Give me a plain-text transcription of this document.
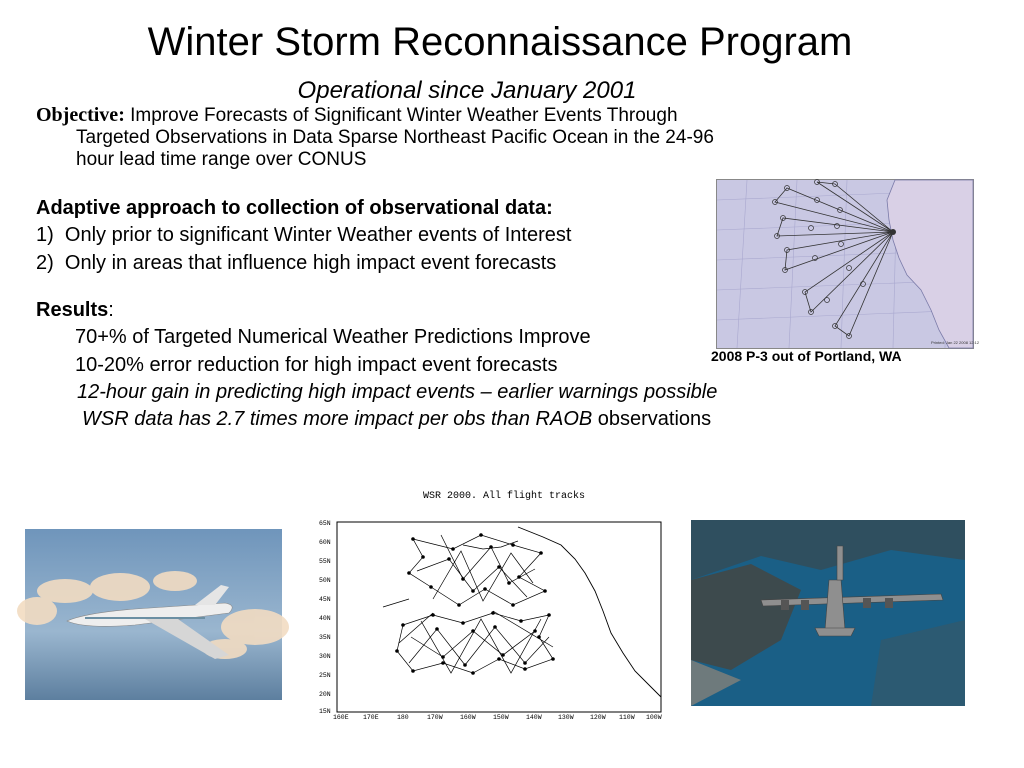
Winter Storm Reconnaissance Program
Operational since January 2001
Objective: Improve Forecasts of Significant Winter Weather Events Through
Targeted Observations in Data Sparse Northeast Pacific Ocean in the 24-96
hour lead time range over CONUS
Adaptive approach to collection of observational data:
1) Only prior to significant Winter Weather events of Interest
2) Only in areas that influence high impact event forecasts
Results:
70+% of Targeted Numerical Weather Predictions Improve
10-20% error reduction for high impact event forecasts
12-hour gain in predicting high impact events – earlier warnings possible
WSR data has 2.7 times more impact per obs than RAOB observations
Printed: Jan 22 2008 12:12
2008 P-3 out of Portland, WA
WSR 2000. All flight tracks
65N
60N
55N
50N
45N
40N
35N
30N
25N
20N
15N
160E 170E	180	170W	160W	150W	140W	130W	120W 110W 100W
